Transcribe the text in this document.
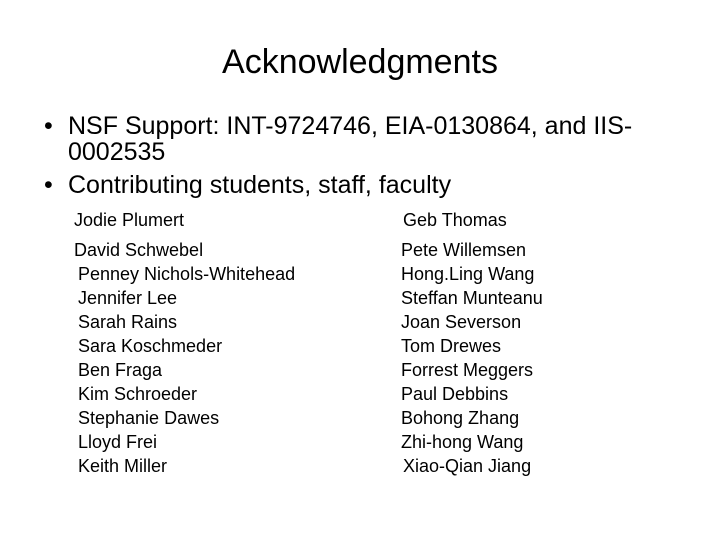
Acknowledgments
• NSF Support: INT-9724746, EIA-0130864, and IIS-0002535
• Contributing students, staff, faculty
Jodie Plumert
David Schwebel
Penney Nichols-Whitehead
Jennifer Lee
Sarah Rains
Sara Koschmeder
Ben Fraga
Kim Schroeder
Stephanie Dawes
Lloyd Frei
Keith Miller
Geb Thomas
Pete Willemsen
Hong.Ling Wang
Steffan Munteanu
Joan Severson
Tom Drewes
Forrest Meggers
Paul Debbins
Bohong Zhang
Zhi-hong Wang
Xiao-Qian Jiang
